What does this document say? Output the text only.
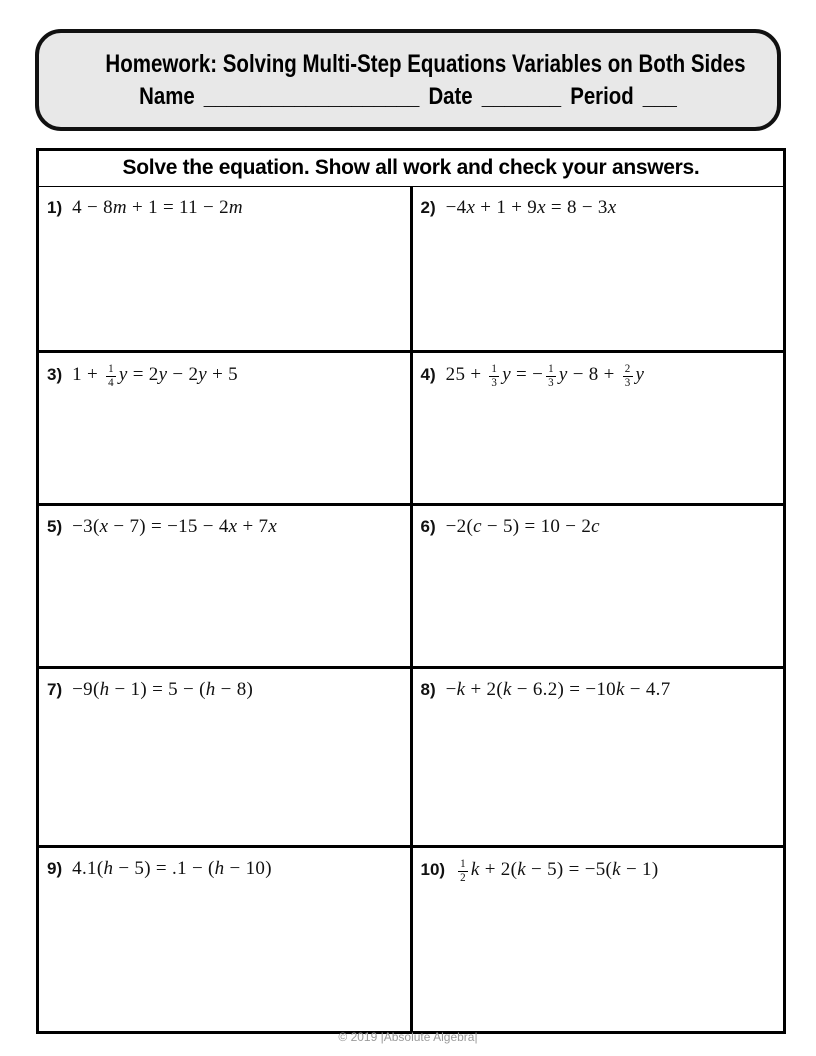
Homework: Solving Multi-Step Equations Variables on Both Sides
Name ___________________ Date _______ Period ___
Solve the equation. Show all work and check your answers.
1) 4 − 8m + 1 = 11 − 2m	2) −4x + 1 + 9x = 8 − 3x
3) $1 + \frac{1}{4}$ y = 2y − 2y + 5	4) $25 + \frac{1}{3}$ y = − $\frac{1}{3}$ $y - 8 + \frac{2}{3}$ y
5) −3(x − 7) = −15 − 4x + 7x	6) −2(c − 5) = 10 − 2c
7) −9(h − 1) = 5 − (h − 8)	8) −k + 2(k − 6.2) = −10k − 4.7
9) 4.1(h − 5) = .1 − (h − 10)	$10) \frac{1}{2}$ k + 2(k − 5) = −5(k − 1)
© 2019 |Absolute Algebra|
